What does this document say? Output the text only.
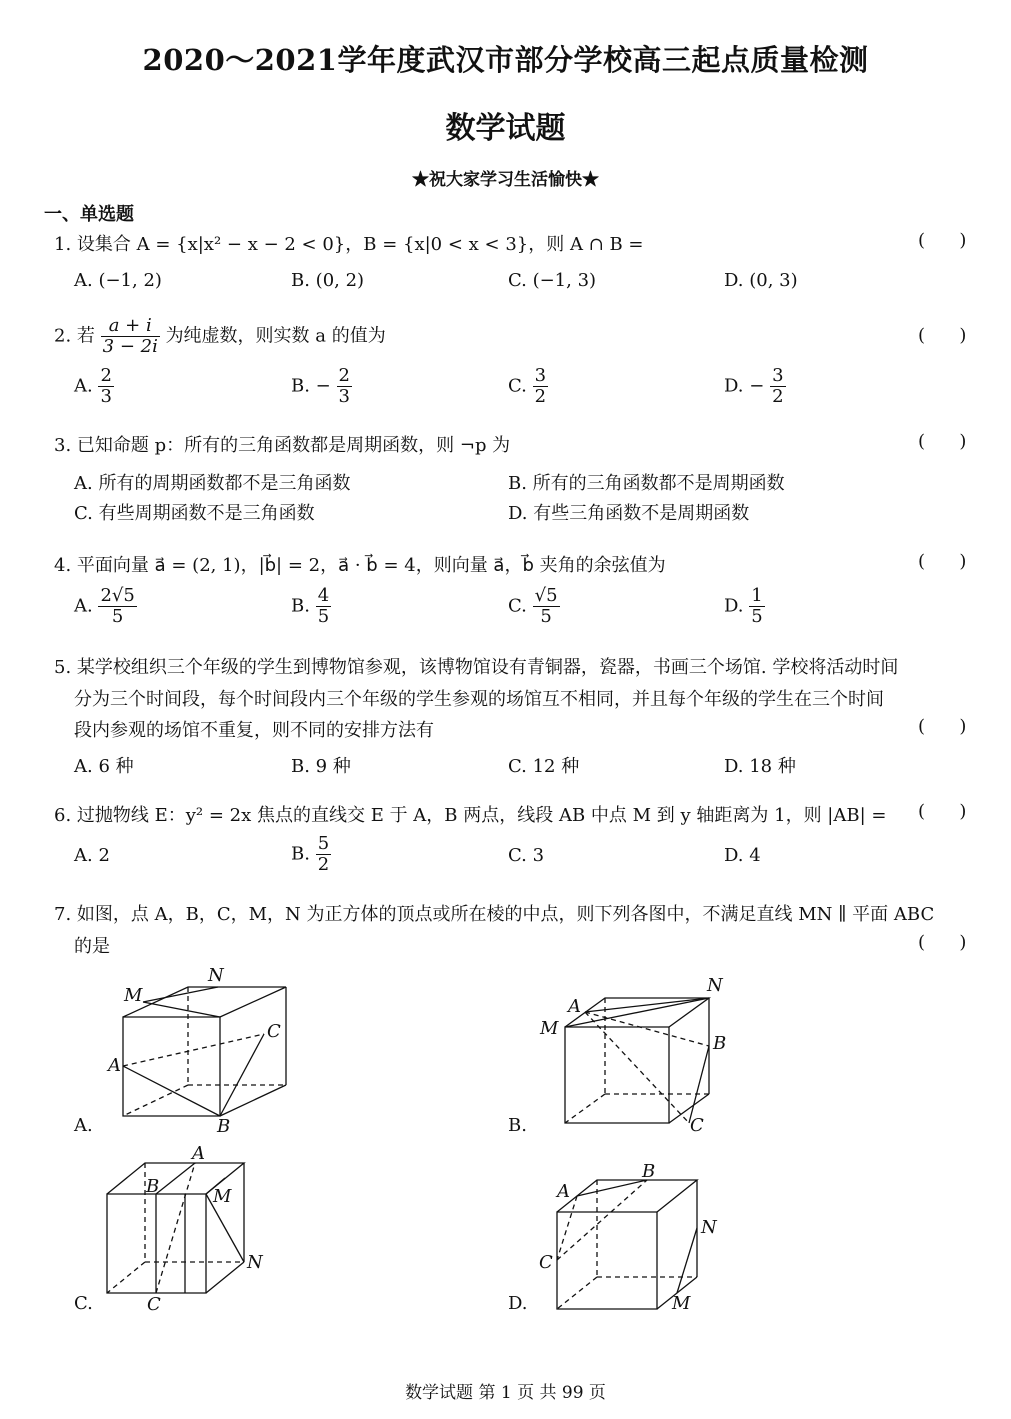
2020～2021学年度武汉市部分学校高三起点质量检测
数学试题
★祝大家学习生活愉快★
一、单选题
1. 设集合 A = {x|x² − x − 2 < 0}，B = {x|0 < x < 3}，则 A ∩ B =	(      )
A. (−1, 2)	B. (0, 2)	C. (−1, 3)	D. (0, 3)
2. 若 $\frac{a + i}{3 - 2i}$ 为纯虚数，则实数 a 的值为	(      )
A. $\frac{2}{3}$	B. − $\frac{2}{3}$	C. $\frac{3}{2}$	D. − $\frac{3}{2}$
3. 已知命题 p：所有的三角函数都是周期函数，则 ¬p 为	(      )
A. 所有的周期函数都不是三角函数	B. 所有的三角函数都不是周期函数
C. 有些周期函数不是三角函数	D. 有些三角函数不是周期函数
4. 平面向量 a⃗ = (2, 1)，|b⃗| = 2，a⃗ · b⃗ = 4，则向量 a⃗，b⃗ 夹角的余弦值为	(      )
A. $\frac{2√5}{5}$	B. $\frac{4}{5}$	C. $\frac{√5}{5}$	D. $\frac{1}{5}$
5. 某学校组织三个年级的学生到博物馆参观，该博物馆设有青铜器，瓷器，书画三个场馆. 学校将活动时间
分为三个时间段，每个时间段内三个年级的学生参观的场馆互不相同，并且每个年级的学生在三个时间
段内参观的场馆不重复，则不同的安排方法有	(      )
A. 6 种	B. 9 种	C. 12 种	D. 18 种
6. 过抛物线 E：y² = 2x 焦点的直线交 E 于 A，B 两点，线段 AB 中点 M 到 y 轴距离为 1，则 |AB| = (      )
A. 2	B. $\frac{5}{2}$	C. 3	D. 4
7. 如图，点 A，B，C，M，N 为正方体的顶点或所在棱的中点，则下列各图中，不满足直线 MN ∥ 平面 ABC
的是	(      )
M
N
C
A
B
A.
A
N
M
B
C
B.
A
B	M
N
C
C.
B
A
N
C
M
D.
数学试题 第 1 页 共 99 页
